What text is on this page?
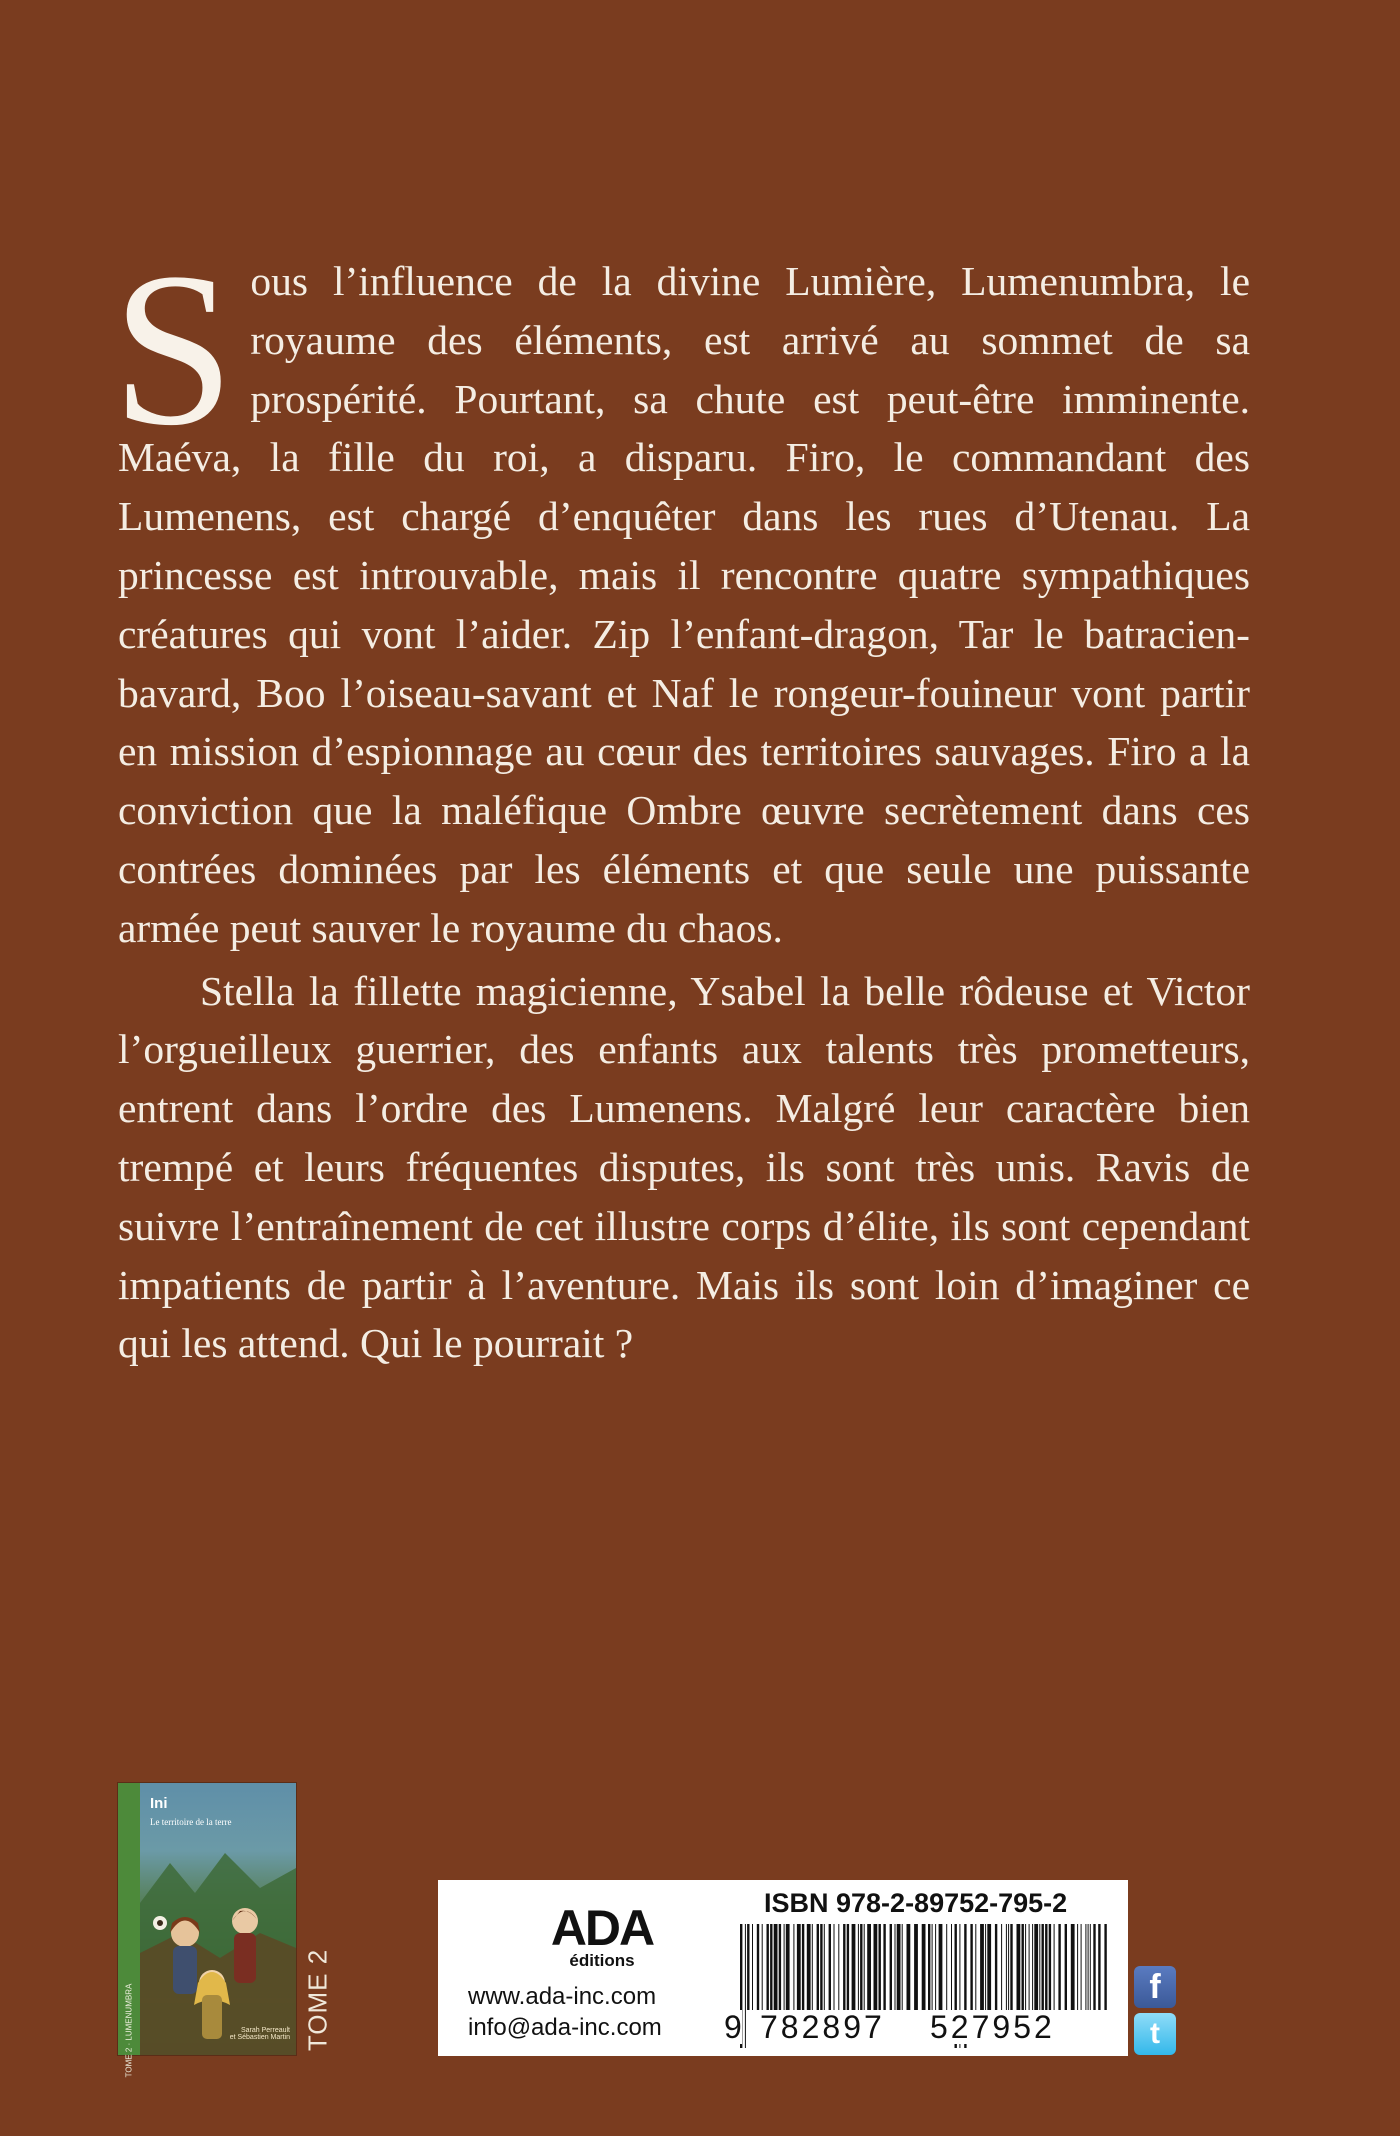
Sous l’influence de la divine Lumière, Lumenumbra, le royaume des éléments, est arrivé au sommet de sa prospérité. Pourtant, sa chute est peut-être imminente. Maéva, la fille du roi, a disparu. Firo, le commandant des Lumenens, est chargé d’enquêter dans les rues d’Utenau. La princesse est introuvable, mais il rencontre quatre sympathiques créatures qui vont l’aider. Zip l’enfant-dragon, Tar le batracien-bavard, Boo l’oiseau-savant et Naf le rongeur-fouineur vont partir en mission d’espionnage au cœur des territoires sauvages. Firo a la conviction que la maléfique Ombre œuvre secrètement dans ces contrées dominées par les éléments et que seule une puissante armée peut sauver le royaume du chaos.

Stella la fillette magicienne, Ysabel la belle rôdeuse et Victor l’orgueilleux guerrier, des enfants aux talents très prometteurs, entrent dans l’ordre des Lumenens. Malgré leur caractère bien trempé et leurs fréquentes disputes, ils sont très unis. Ravis de suivre l’entraînement de cet illustre corps d’élite, ils sont cependant impatients de partir à l’aventure. Mais ils sont loin d’imaginer ce qui les attend. Qui le pourrait ?

TOME 2 · LUMENUMBRA
Ini
Le territoire de la terre
Sarah Perreault
et Sébastien Martin TOME 2
ADA
éditions
www.ada-inc.com
info@ada-inc.com
ISBN 978-2-89752-795-2
9 782897 527952
f
t
